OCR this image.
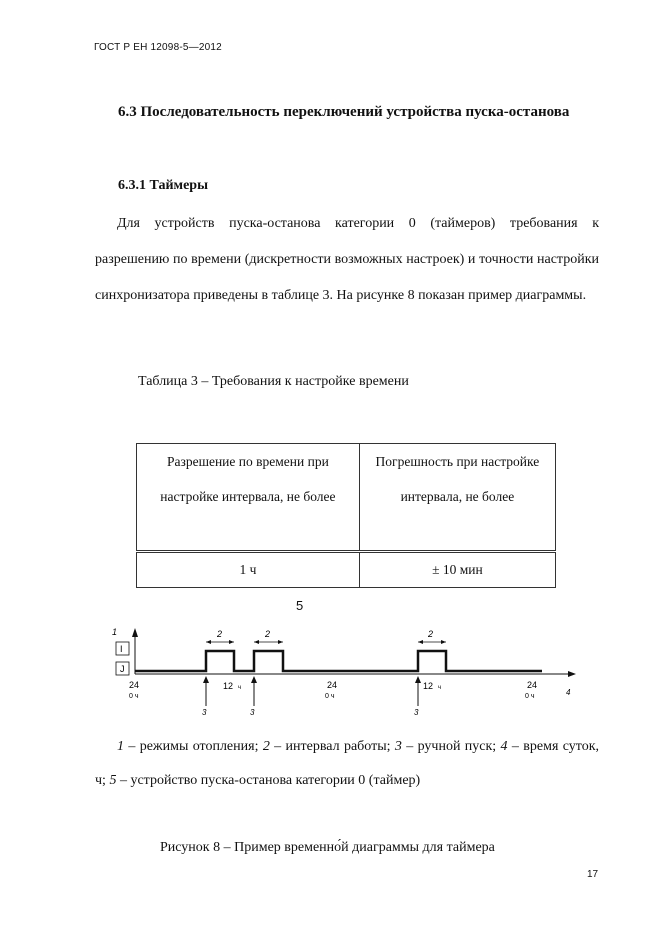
ГОСТ Р ЕН 12098-5—2012
6.3 Последовательность переключений устройства пуска-останова
6.3.1 Таймеры

Для устройств пуска-останова категории 0 (таймеров) требования к разрешению по времени (дискретности возможных настроек) и точности настройки синхронизатора приведены в таблице 3. На рисунке 8 показан пример диаграммы.

Таблица 3 – Требования к настройке времени
Разрешение по времени при настройке интервала, не более	Погрешность при настройке интервала, не более
1 ч	± 10 мин
5
1
I
J
2	2	2
3	3	3
24
0 ч
12 ч	24
0 ч
12 ч	24
0 ч	4

1 – режимы отопления; 2 – интервал работы; 3 – ручной пуск; 4 – время суток, ч; 5 – устройство пуска-останова категории 0 (таймер)

Рисунок 8 – Пример временно́й диаграммы для таймера
17
